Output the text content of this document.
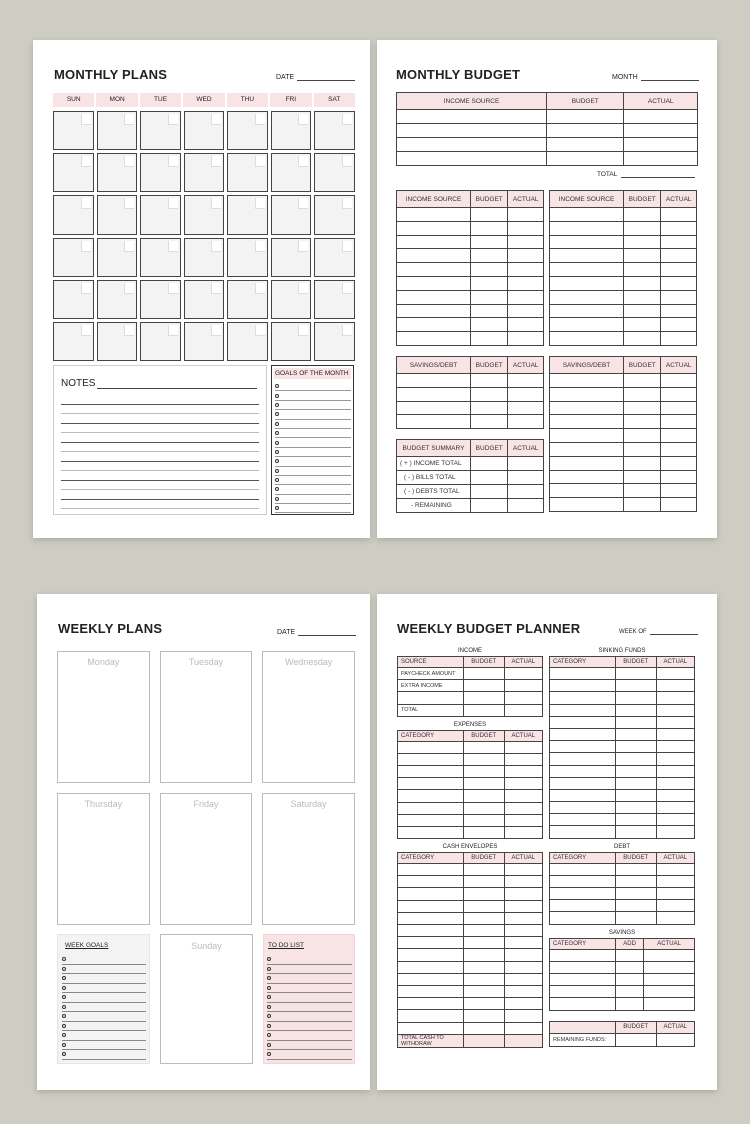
MONTHLY PLANS	DATE
SUN	MON	TUE	WED	THU	FRI	SAT
NOTES
GOALS OF THE MONTH
MONTHLY BUDGET	MONTH
INCOME SOURCE	BUDGET	ACTUAL

TOTAL
INCOME SOURCE	BUDGET	ACTUAL

			INCOME SOURCE	BUDGET	ACTUAL

SAVINGS/DEBT	BUDGET	ACTUAL

			SAVINGS/DEBT	BUDGET	ACTUAL

BUDGET SUMMARY	BUDGET	ACTUAL
( + ) INCOME TOTAL		
( - ) BILLS TOTAL		
( - ) DEBTS TOTAL		
- REMAINING		
WEEKLY PLANS	DATE
Monday	Tuesday	Wednesday
Thursday	Friday	Saturday
WEEK GOALS	Sunday	TO DO LIST
WEEKLY BUDGET PLANNER	WEEK OF
INCOME
SOURCE	BUDGET	ACTUAL
PAYCHECK AMOUNT		
EXTRA INCOME		

TOTAL		
EXPENSES
CATEGORY	BUDGET	ACTUAL

CASH ENVELOPES
CATEGORY	BUDGET	ACTUAL

TOTAL CASH TO WITHDRAW		
SINKING FUNDS
CATEGORY	BUDGET	ACTUAL

DEBT
CATEGORY	BUDGET	ACTUAL

SAVINGS
CATEGORY	ADD	ACTUAL

	BUDGET	ACTUAL
REMAINING FUNDS:		
